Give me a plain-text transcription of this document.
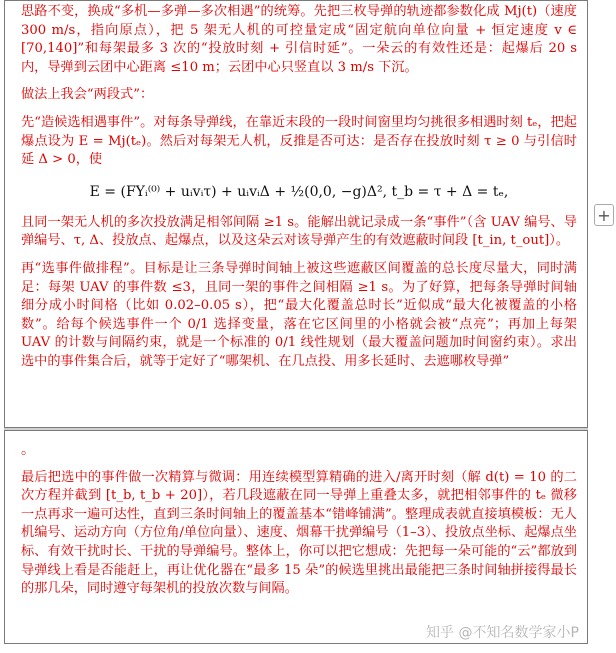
思路不变，换成“多机—多弹—多次相遇”的统筹。先把三枚导弹的轨迹都参数化成 Mj(t)（速度 300 m/s，指向原点），把 5 架无人机的可控量定成“固定航向单位向量 + 恒定速度 v ∈ [70,140]”和每架最多 3 次的“投放时刻 + 引信时延”。一朵云的有效性还是：起爆后 20 s 内，导弹到云团中心距离 ≤10 m；云团中心只竖直以 3 m/s 下沉。

做法上我会“两段式”：

先“造候选相遇事件”。对每条导弹线，在靠近末段的一段时间窗里均匀挑很多相遇时刻 tₑ，把起爆点设为 E = Mj(tₑ)。然后对每架无人机，反推是否可达：是否存在投放时刻 τ ≥ 0 与引信时延 Δ > 0，使

E = (FYᵢ⁽⁰⁾ + uᵢvᵢτ) + uᵢvᵢΔ + ½(0,0, −g)Δ², t_b = τ + Δ = tₑ,

且同一架无人机的多次投放满足相邻间隔 ≥1 s。能解出就记录成一条“事件”（含 UAV 编号、导弹编号、τ, Δ、投放点、起爆点，以及这朵云对该导弹产生的有效遮蔽时间段 [t_in, t_out]）。

再“选事件做排程”。目标是让三条导弹时间轴上被这些遮蔽区间覆盖的总长度尽量大，同时满足：每架 UAV 的事件数 ≤3，且同一架的事件之间相隔 ≥1 s。为了好算，把每条导弹时间轴细分成小时间格（比如 0.02–0.05 s），把“最大化覆盖总时长”近似成“最大化被覆盖的小格数”。给每个候选事件一个 0/1 选择变量，落在它区间里的小格就会被“点亮”；再加上每架 UAV 的计数与间隔约束，就是一个标准的 0/1 线性规划（最大覆盖问题加时间窗约束）。求出选中的事件集合后，就等于定好了“哪架机、在几点投、用多长延时、去遮哪枚导弹”

。

最后把选中的事件做一次精算与微调：用连续模型算精确的进入/离开时刻（解 d(t) = 10 的二次方程并截到 [t_b, t_b + 20]），若几段遮蔽在同一导弹上重叠太多，就把相邻事件的 tₑ 微移一点再求一遍可达性，直到三条时间轴上的覆盖基本“错峰铺满”。整理成表就直接填模板：无人机编号、运动方向（方位角/单位向量）、速度、烟幕干扰弹编号（1–3）、投放点坐标、起爆点坐标、有效干扰时长、干扰的导弹编号。整体上，你可以把它想成：先把每一朵可能的“云”都放到导弹线上看是否能赶上，再让优化器在“最多 15 朵”的候选里挑出最能把三条时间轴拼接得最长的那几朵，同时遵守每架机的投放次数与间隔。

+
知乎 @不知名数学家小P
